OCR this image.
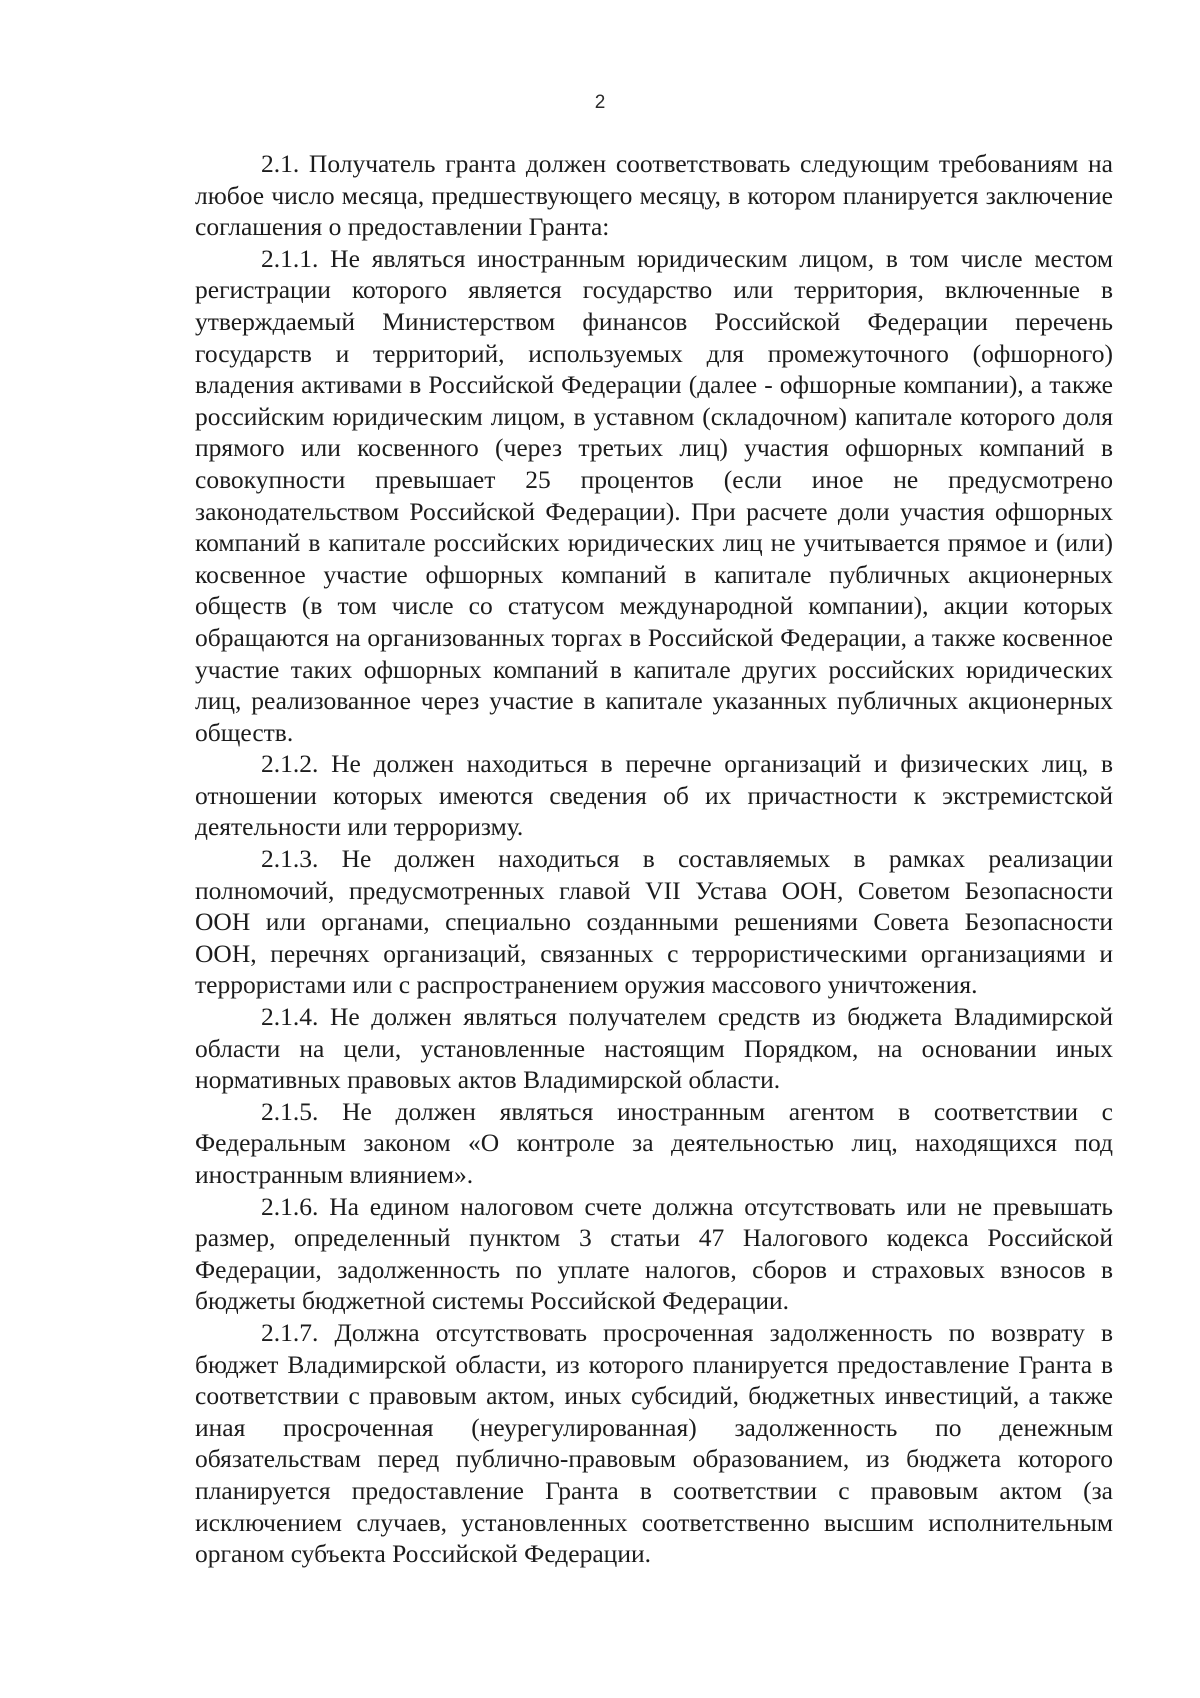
2

2.1. Получатель гранта должен соответствовать следующим требованиям на любое число месяца, предшествующего месяцу, в котором планируется заключение соглашения о предоставлении Гранта:

2.1.1. Не являться иностранным юридическим лицом, в том числе местом регистрации которого является государство или территория, включенные в утверждаемый Министерством финансов Российской Федерации перечень государств и территорий, используемых для промежуточного (офшорного) владения активами в Российской Федерации (далее - офшорные компании), а также российским юридическим лицом, в уставном (складочном) капитале которого доля прямого или косвенного (через третьих лиц) участия офшорных компаний в совокупности превышает 25 процентов (если иное не предусмотрено законодательством Российской Федерации). При расчете доли участия офшорных компаний в капитале российских юридических лиц не учитывается прямое и (или) косвенное участие офшорных компаний в капитале публичных акционерных обществ (в том числе со статусом международной компании), акции которых обращаются на организованных торгах в Российской Федерации, а также косвенное участие таких офшорных компаний в капитале других российских юридических лиц, реализованное через участие в капитале указанных публичных акционерных обществ.

2.1.2. Не должен находиться в перечне организаций и физических лиц, в отношении которых имеются сведения об их причастности к экстремистской деятельности или терроризму.

2.1.3. Не должен находиться в составляемых в рамках реализации полномочий, предусмотренных главой VII Устава ООН, Советом Безопасности ООН или органами, специально созданными решениями Совета Безопасности ООН, перечнях организаций, связанных с террористическими организациями и террористами или с распространением оружия массового уничтожения.

2.1.4. Не должен являться получателем средств из бюджета Владимирской области на цели, установленные настоящим Порядком, на основании иных нормативных правовых актов Владимирской области.

2.1.5. Не должен являться иностранным агентом в соответствии с Федеральным законом «О контроле за деятельностью лиц, находящихся под иностранным влиянием».

2.1.6. На едином налоговом счете должна отсутствовать или не превышать размер, определенный пунктом 3 статьи 47 Налогового кодекса Российской Федерации, задолженность по уплате налогов, сборов и страховых взносов в бюджеты бюджетной системы Российской Федерации.

2.1.7. Должна отсутствовать просроченная задолженность по возврату в бюджет Владимирской области, из которого планируется предоставление Гранта в соответствии с правовым актом, иных субсидий, бюджетных инвестиций, а также иная просроченная (неурегулированная) задолженность по денежным обязательствам перед публично-правовым образованием, из бюджета которого планируется предоставление Гранта в соответствии с правовым актом (за исключением случаев, установленных соответственно высшим исполнительным органом субъекта Российской Федерации.
